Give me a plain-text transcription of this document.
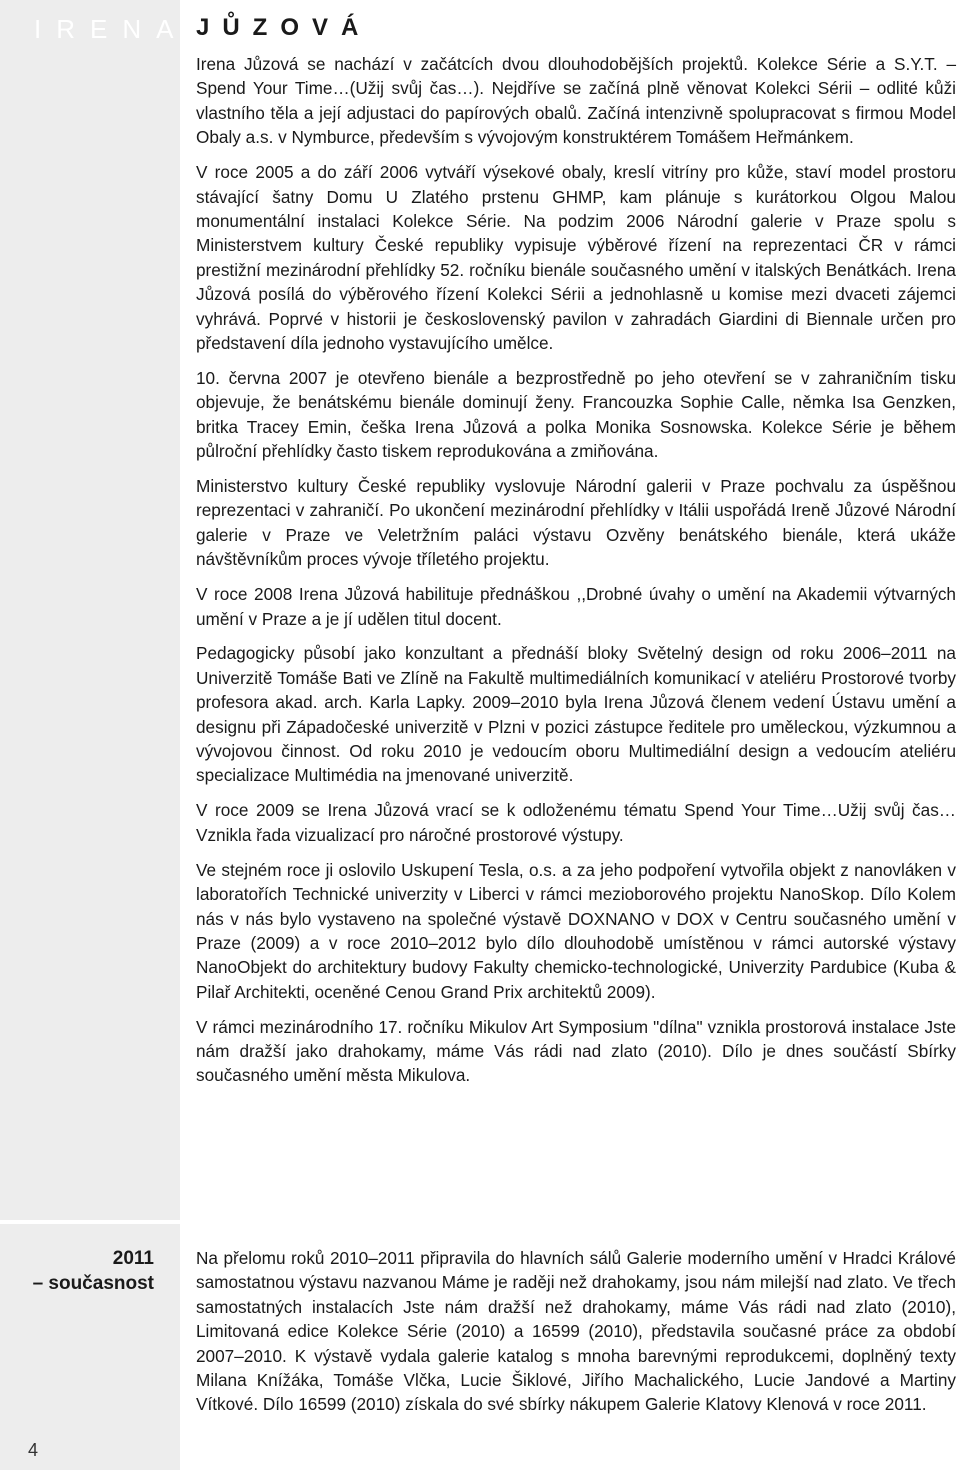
IRENA
2011
– současnost
4
JŮZOVÁ

Irena Jůzová se nachází v začátcích dvou dlouhodobějších projektů. Kolekce Série a S.Y.T. – Spend Your Time…(Užij svůj čas…). Nejdříve se začíná plně věnovat Kolekci Sérii – odlité kůži vlastního těla a její adjustaci do papírových obalů. Začíná intenzivně spolupracovat s firmou Model Obaly a.s. v Nymburce, především s vývojovým konstruktérem Tomášem Heřmánkem.

V roce 2005 a do září 2006 vytváří výsekové obaly, kreslí vitríny pro kůže, staví model prostoru stávající šatny Domu U Zlatého prstenu GHMP, kam plánuje s kurátorkou Olgou Malou monumentální instalaci Kolekce Série. Na podzim 2006 Národní galerie v Praze spolu s Ministerstvem kultury České republiky vypisuje výběrové řízení na reprezentaci ČR v rámci prestižní mezinárodní přehlídky 52. ročníku bienále současného umění v italských Benátkách. Irena Jůzová posílá do výběrového řízení Kolekci Sérii a jednohlasně u komise mezi dvaceti zájemci vyhrává. Poprvé v historii je československý pavilon v zahradách Giardini di Biennale určen pro představení díla jednoho vystavujícího umělce.

10. června 2007 je otevřeno bienále a bezprostředně po jeho otevření se v zahraničním tisku objevuje, že benátskému bienále dominují ženy. Francouzka Sophie Calle, němka Isa Genzken, britka Tracey Emin, češka Irena Jůzová a polka Monika Sosnowska. Kolekce Série je během půlroční přehlídky často tiskem reprodukována a zmiňována.

Ministerstvo kultury České republiky vyslovuje Národní galerii v Praze pochvalu za úspěšnou reprezentaci v zahraničí. Po ukončení mezinárodní přehlídky v Itálii uspořádá Ireně Jůzové Národní galerie v Praze ve Veletržním paláci výstavu Ozvěny benátského bienále, která ukáže návštěvníkům proces vývoje tříletého projektu.

V roce 2008 Irena Jůzová habilituje přednáškou ,,Drobné úvahy o umění na Akademii výtvarných umění v Praze a je jí udělen titul docent.

Pedagogicky působí jako konzultant a přednáší bloky Světelný design od roku 2006–2011 na Univerzitě Tomáše Bati ve Zlíně na Fakultě multimediálních komunikací v ateliéru Prostorové tvorby profesora akad. arch. Karla Lapky. 2009–2010 byla Irena Jůzová členem vedení Ústavu umění a designu při Západočeské univerzitě v Plzni v pozici zástupce ředitele pro uměleckou, výzkumnou a vývojovou činnost. Od roku 2010 je vedoucím oboru Multimediální design a vedoucím ateliéru specializace Multimédia na jmenované univerzitě.

V roce 2009 se Irena Jůzová vrací se k odloženému tématu Spend Your Time…Užij svůj čas… Vznikla řada vizualizací pro náročné prostorové výstupy.

Ve stejném roce ji oslovilo Uskupení Tesla, o.s. a za jeho podpoření vytvořila objekt z nanovláken v laboratořích Technické univerzity v Liberci v rámci mezioborového projektu NanoSkop. Dílo Kolem nás v nás bylo vystaveno na společné výstavě DOXNANO v DOX v Centru současného umění v Praze (2009) a v roce 2010–2012 bylo dílo dlouhodobě umístěnou v rámci autorské výstavy NanoObjekt do architektury budovy Fakulty chemicko-technologické, Univerzity Pardubice (Kuba & Pilař Architekti, oceněné Cenou Grand Prix architektů 2009).

V rámci mezinárodního 17. ročníku Mikulov Art Symposium "dílna" vznikla prostorová instalace Jste nám dražší jako drahokamy, máme Vás rádi nad zlato (2010). Dílo je dnes součástí Sbírky současného umění města Mikulova.

Na přelomu roků 2010–2011 připravila do hlavních sálů Galerie moderního umění v Hradci Králové samostatnou výstavu nazvanou Máme je raději než drahokamy, jsou nám milejší nad zlato. Ve třech samostatných instalacích Jste nám dražší než drahokamy, máme Vás rádi nad zlato (2010), Limitovaná edice Kolekce Série (2010) a 16599 (2010), představila současné práce za období 2007–2010. K výstavě vydala galerie katalog s mnoha barevnými reprodukcemi, doplněný texty Milana Knížáka, Tomáše Vlčka, Lucie Šiklové, Jiřího Machalického, Lucie Jandové a Martiny Vítkové. Dílo 16599 (2010) získala do své sbírky nákupem Galerie Klatovy Klenová v roce 2011.
